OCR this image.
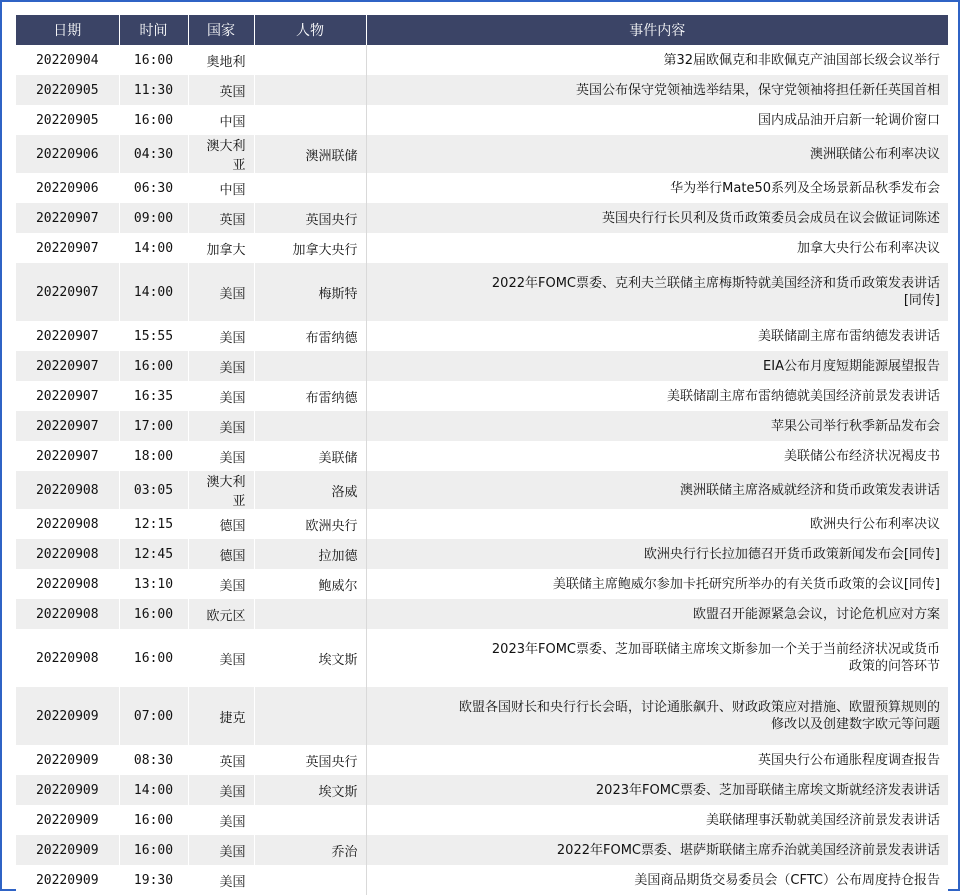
日期	时间	国家	人物	事件内容
20220904	16:00	奥地利		第32届欧佩克和非欧佩克产油国部长级会议举行

20220905	11:30	英国		英国公布保守党领袖选举结果，保守党领袖将担任新任英国首相

20220905	16:00	中国		国内成品油开启新一轮调价窗口

20220906	04:30	澳大利亚	澳洲联储	澳洲联储公布利率决议

20220906	06:30	中国		华为举行Mate50系列及全场景新品秋季发布会

20220907	09:00	英国	英国央行	英国央行行长贝利及货币政策委员会成员在议会做证词陈述

20220907	14:00	加拿大	加拿大央行	加拿大央行公布利率决议

20220907	14:00	美国	梅斯特	2022年FOMC票委、克利夫兰联储主席梅斯特就美国经济和货币政策发表讲话
[同传]

20220907	15:55	美国	布雷纳德	美联储副主席布雷纳德发表讲话

20220907	16:00	美国		EIA公布月度短期能源展望报告

20220907	16:35	美国	布雷纳德	美联储副主席布雷纳德就美国经济前景发表讲话

20220907	17:00	美国		苹果公司举行秋季新品发布会

20220907	18:00	美国	美联储	美联储公布经济状况褐皮书

20220908	03:05	澳大利亚	洛威	澳洲联储主席洛威就经济和货币政策发表讲话

20220908	12:15	德国	欧洲央行	欧洲央行公布利率决议

20220908	12:45	德国	拉加德	欧洲央行行长拉加德召开货币政策新闻发布会[同传]

20220908	13:10	美国	鲍威尔	美联储主席鲍威尔参加卡托研究所举办的有关货币政策的会议[同传]

20220908	16:00	欧元区		欧盟召开能源紧急会议，讨论危机应对方案

20220908	16:00	美国	埃文斯	2023年FOMC票委、芝加哥联储主席埃文斯参加一个关于当前经济状况或货币
政策的问答环节

20220909	07:00	捷克		欧盟各国财长和央行行长会晤，讨论通胀飙升、财政政策应对措施、欧盟预算规则的
修改以及创建数字欧元等问题

20220909	08:30	英国	英国央行	英国央行公布通胀程度调查报告

20220909	14:00	美国	埃文斯	2023年FOMC票委、芝加哥联储主席埃文斯就经济发表讲话

20220909	16:00	美国		美联储理事沃勒就美国经济前景发表讲话

20220909	16:00	美国	乔治	2022年FOMC票委、堪萨斯联储主席乔治就美国经济前景发表讲话

20220909	19:30	美国		美国商品期货交易委员会（CFTC）公布周度持仓报告
